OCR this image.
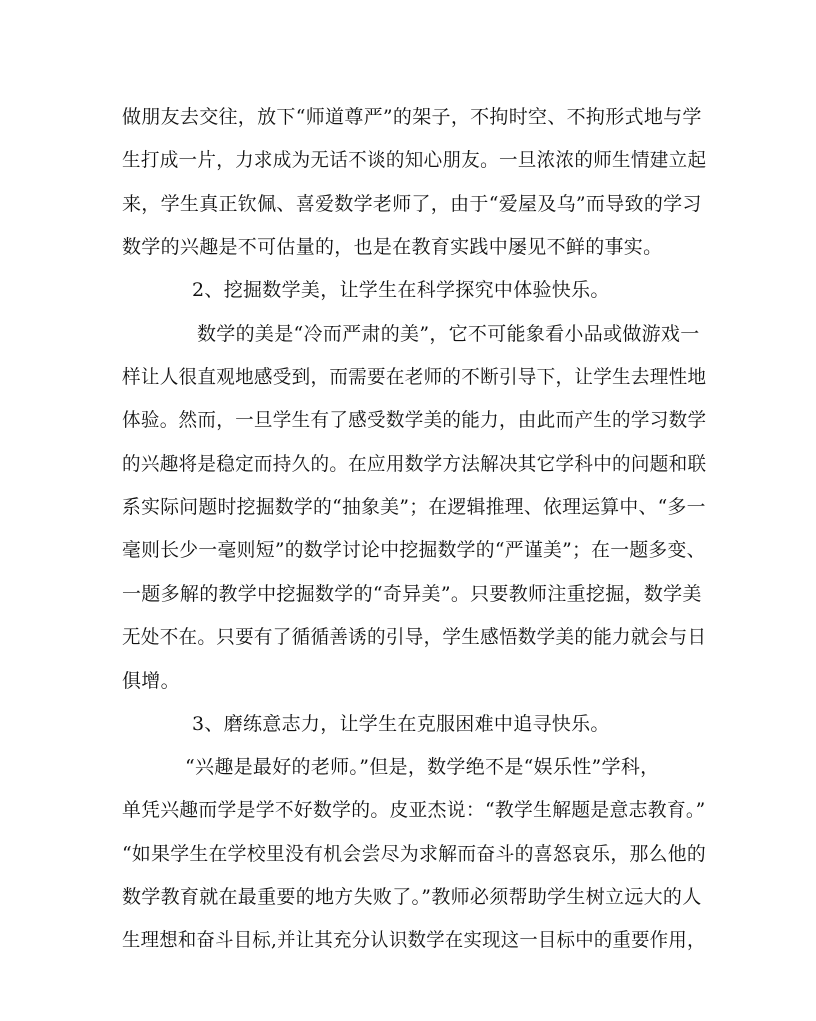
做朋友去交往，放下“师道尊严”的架子，不拘时空、不拘形式地与学
生打成一片，力求成为无话不谈的知心朋友。一旦浓浓的师生情建立起
来，学生真正钦佩、喜爱数学老师了，由于“爱屋及乌”而导致的学习
数学的兴趣是不可估量的，也是在教育实践中屡见不鲜的事实。
2、挖掘数学美，让学生在科学探究中体验快乐。
数学的美是“冷而严肃的美”，它不可能象看小品或做游戏一
样让人很直观地感受到，而需要在老师的不断引导下，让学生去理性地
体验。然而，一旦学生有了感受数学美的能力，由此而产生的学习数学
的兴趣将是稳定而持久的。在应用数学方法解决其它学科中的问题和联
系实际问题时挖掘数学的“抽象美”；在逻辑推理、依理运算中、“多一
毫则长少一毫则短”的数学讨论中挖掘数学的“严谨美”；在一题多变、
一题多解的教学中挖掘数学的“奇异美”。只要教师注重挖掘，数学美
无处不在。只要有了循循善诱的引导，学生感悟数学美的能力就会与日
俱增。
3、磨练意志力，让学生在克服困难中追寻快乐。
“兴趣是最好的老师。”但是，数学绝不是“娱乐性”学科，
单凭兴趣而学是学不好数学的。皮亚杰说：“教学生解题是意志教育。”
“如果学生在学校里没有机会尝尽为求解而奋斗的喜怒哀乐，那么他的
数学教育就在最重要的地方失败了。”教师必须帮助学生树立远大的人
生理想和奋斗目标,并让其充分认识数学在实现这一目标中的重要作用，
